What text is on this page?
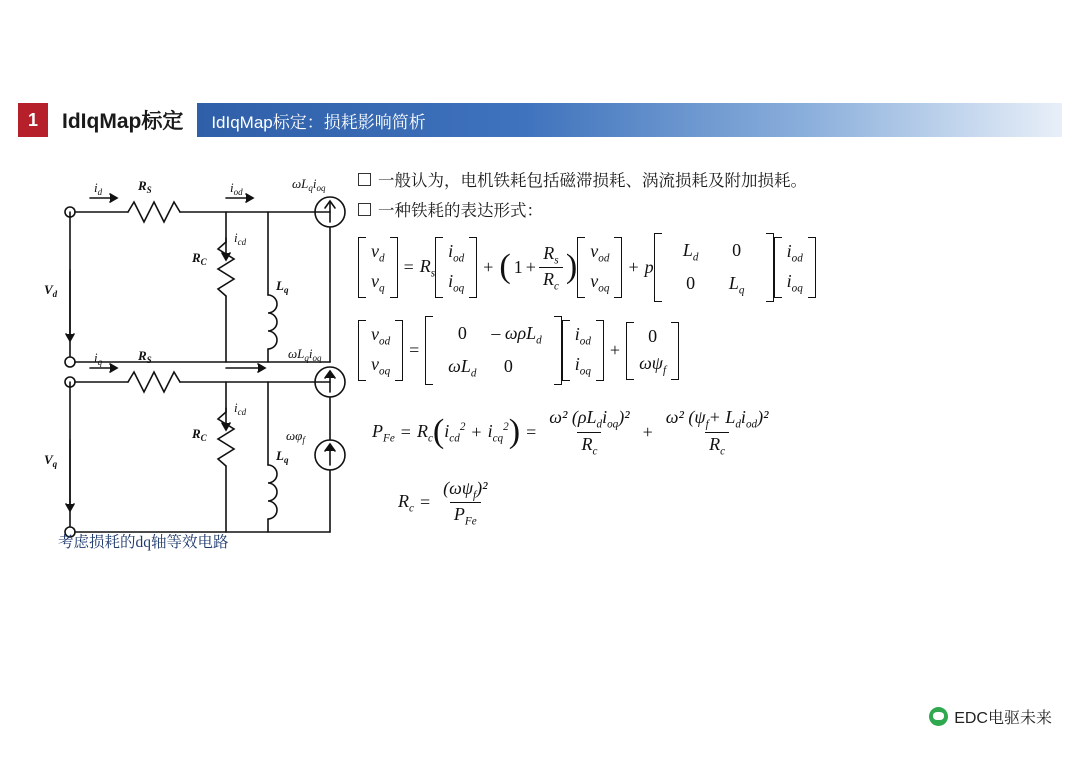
1	IdIqMap标定	IdIqMap标定：损耗影响简析
$i_d$	$R_S$	$i_{od}$
$\omega L_qi_{oq}$
$i_{cd}$
$R_C$
$L_q$
$V_d$
$i_q$	$R_S$	$\omega L_qi_{oq}$
$i_{cd}$
$R_C$
$L_q$
$V_q$
$\omega\varphi_f$
考虑损耗的dq轴等效电路
一般认为，电机铁耗包括磁滞损耗、涡流损耗及附加损耗。
一种铁耗的表达形式：
$v_d$
$v_q$
= $R_s$
$i_{od}$
$i_{oq}$
+ ( $1 + \frac{R_s}{R_c}$ ) $v_{od}$
$v_{oq}$
+ p
$L_d$	0
0	$L_q$
$i_{od}$
$i_{oq}$
$v_{od}$
$v_{oq}$
=
0	– ωρL$_d$
$\omega L_d$	0
$i_{od}$
$i_{oq}$
+
0
$\omega\psi_f$
$P_{Fe} = R_c$ ( $i_{cd}^2 + i_{cq}^2$ ) = $\frac{\omega^2 (\rho L_di_{oq})^2}{R_c} + \frac{\omega^2 (\psi_f+ L_di_{od})^2}{R_c}$
$R_c = \frac{(\omega\psi_f)^2}{P_{Fe}}$
EDC电驱未来
